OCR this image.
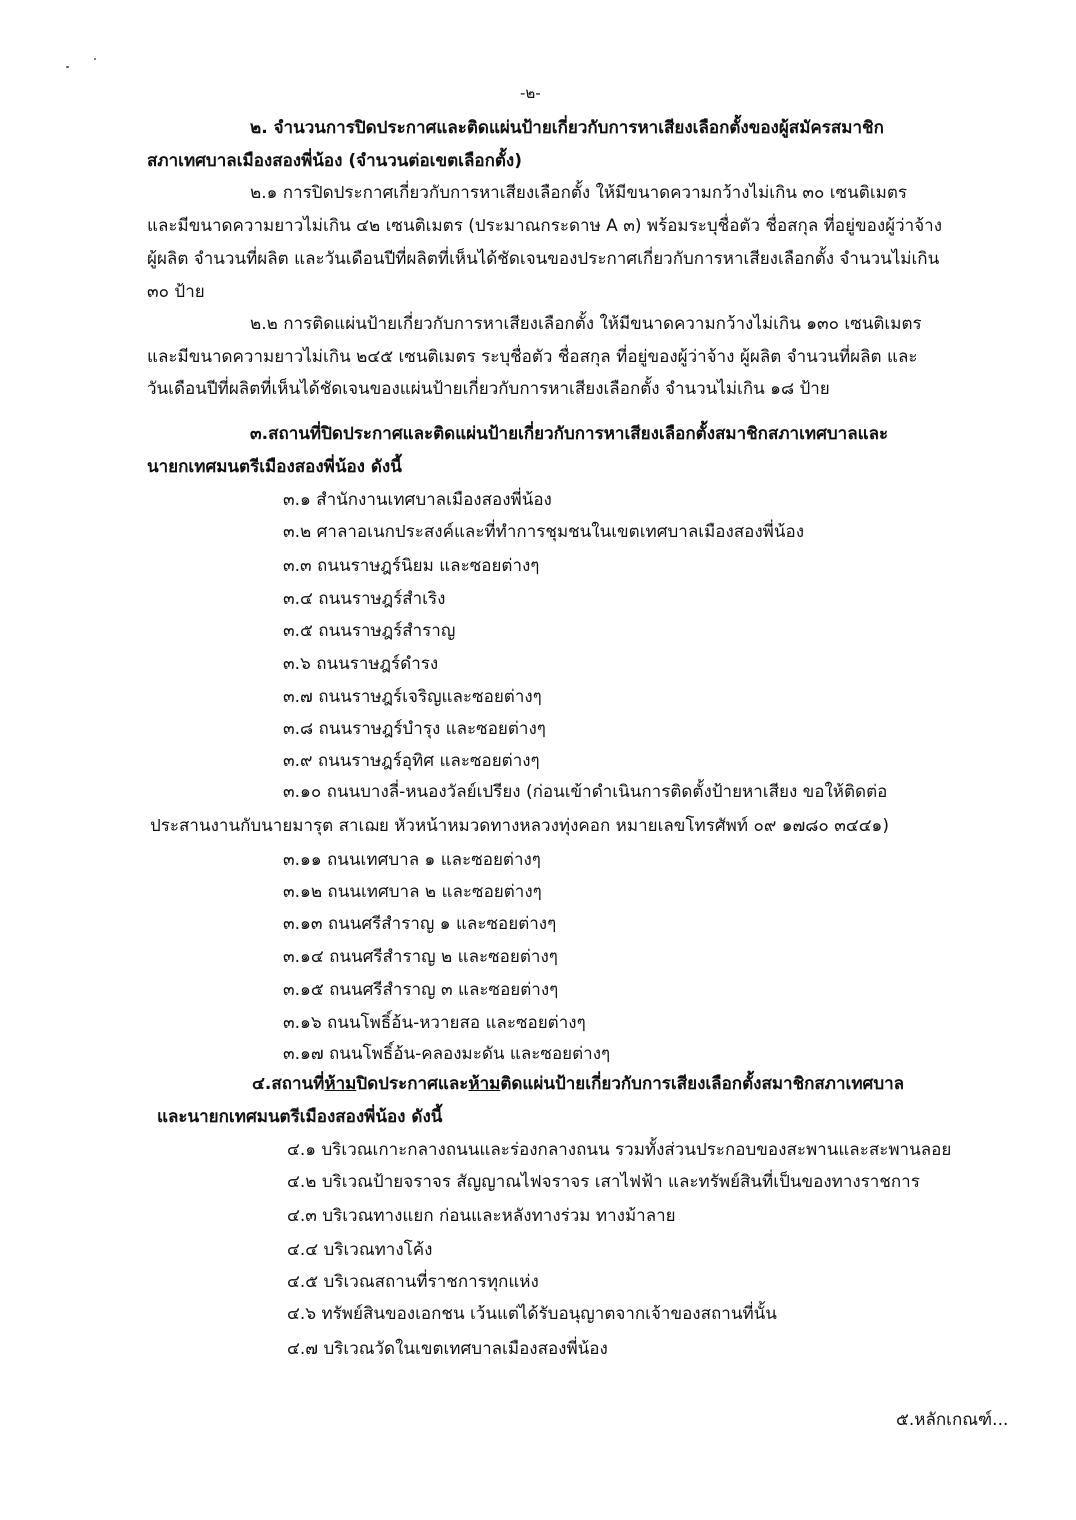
-๒-
๒. จำนวนการปิดประกาศและติดแผ่นป้ายเกี่ยวกับการหาเสียงเลือกตั้งของผู้สมัครสมาชิก
สภาเทศบาลเมืองสองพี่น้อง (จำนวนต่อเขตเลือกตั้ง)
๒.๑ การปิดประกาศเกี่ยวกับการหาเสียงเลือกตั้ง ให้มีขนาดความกว้างไม่เกิน ๓๐ เซนติเมตร
และมีขนาดความยาวไม่เกิน ๔๒ เซนติเมตร (ประมาณกระดาษ A ๓) พร้อมระบุชื่อตัว ชื่อสกุล ที่อยู่ของผู้ว่าจ้าง
ผู้ผลิต จำนวนที่ผลิต และวันเดือนปีที่ผลิตที่เห็นได้ชัดเจนของประกาศเกี่ยวกับการหาเสียงเลือกตั้ง จำนวนไม่เกิน
๓๐ ป้าย
๒.๒ การติดแผ่นป้ายเกี่ยวกับการหาเสียงเลือกตั้ง ให้มีขนาดความกว้างไม่เกิน ๑๓๐ เซนติเมตร
และมีขนาดความยาวไม่เกิน ๒๔๕ เซนติเมตร ระบุชื่อตัว ชื่อสกุล ที่อยู่ของผู้ว่าจ้าง ผู้ผลิต จำนวนที่ผลิต และ
วันเดือนปีที่ผลิตที่เห็นได้ชัดเจนของแผ่นป้ายเกี่ยวกับการหาเสียงเลือกตั้ง จำนวนไม่เกิน ๑๘ ป้าย
๓.สถานที่ปิดประกาศและติดแผ่นป้ายเกี่ยวกับการหาเสียงเลือกตั้งสมาชิกสภาเทศบาลและ
นายกเทศมนตรีเมืองสองพี่น้อง ดังนี้
๓.๑ สำนักงานเทศบาลเมืองสองพี่น้อง
๓.๒ ศาลาอเนกประสงค์และที่ทำการชุมชนในเขตเทศบาลเมืองสองพี่น้อง
๓.๓ ถนนราษฎร์นิยม และซอยต่างๆ
๓.๔ ถนนราษฎร์สำเริง
๓.๕ ถนนราษฎร์สำราญ
๓.๖ ถนนราษฎร์ดำรง
๓.๗ ถนนราษฎร์เจริญและซอยต่างๆ
๓.๘ ถนนราษฎร์บำรุง และซอยต่างๆ
๓.๙ ถนนราษฎร์อุทิศ และซอยต่างๆ
๓.๑๐ ถนนบางลี่-หนองวัลย์เปรียง (ก่อนเข้าดำเนินการติดตั้งป้ายหาเสียง ขอให้ติดต่อ
ประสานงานกับนายมารุต สาเฌย หัวหน้าหมวดทางหลวงทุ่งคอก หมายเลขโทรศัพท์ ๐๙ ๑๗๘๐ ๓๔๔๑)
๓.๑๑ ถนนเทศบาล ๑ และซอยต่างๆ
๓.๑๒ ถนนเทศบาล ๒ และซอยต่างๆ
๓.๑๓ ถนนศรีสำราญ ๑ และซอยต่างๆ
๓.๑๔ ถนนศรีสำราญ ๒ และซอยต่างๆ
๓.๑๕ ถนนศรีสำราญ ๓ และซอยต่างๆ
๓.๑๖ ถนนโพธิ์อ้น-หวายสอ และซอยต่างๆ
๓.๑๗ ถนนโพธิ์อ้น-คลองมะดัน และซอยต่างๆ
๔.สถานที่ห้ามปิดประกาศและห้ามติดแผ่นป้ายเกี่ยวกับการเสียงเลือกตั้งสมาชิกสภาเทศบาล
และนายกเทศมนตรีเมืองสองพี่น้อง ดังนี้
๔.๑ บริเวณเกาะกลางถนนและร่องกลางถนน รวมทั้งส่วนประกอบของสะพานและสะพานลอย
๔.๒ บริเวณป้ายจราจร สัญญาณไฟจราจร เสาไฟฟ้า และทรัพย์สินที่เป็นของทางราชการ
๔.๓ บริเวณทางแยก ก่อนและหลังทางร่วม ทางม้าลาย
๔.๔ บริเวณทางโค้ง
๔.๕ บริเวณสถานที่ราชการทุกแห่ง
๔.๖ ทรัพย์สินของเอกชน เว้นแต่ได้รับอนุญาตจากเจ้าของสถานที่นั้น
๔.๗ บริเวณวัดในเขตเทศบาลเมืองสองพี่น้อง
๕.หลักเกณฑ์...
